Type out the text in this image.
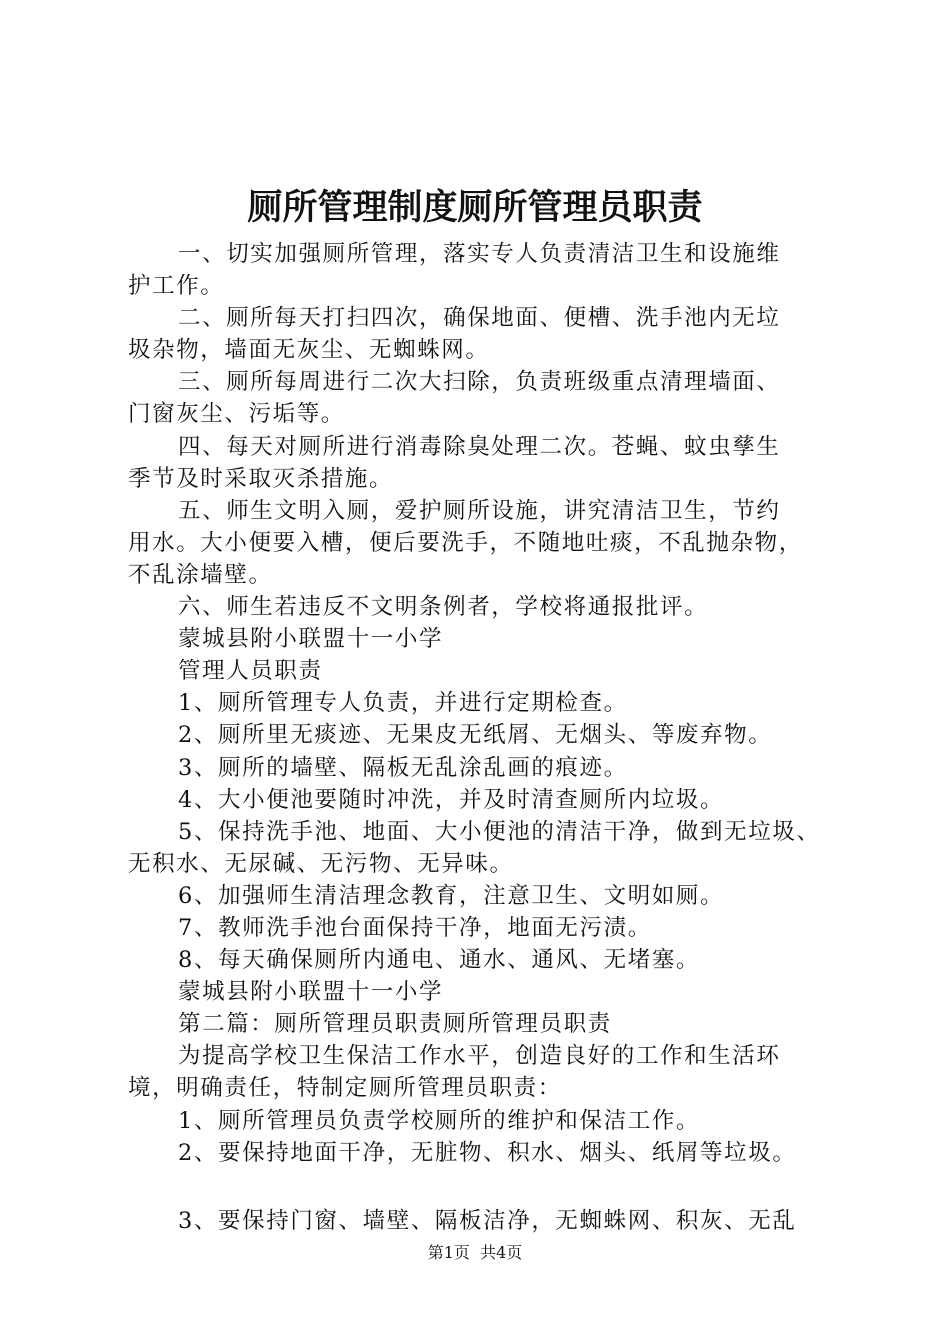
厕所管理制度厕所管理员职责
一、切实加强厕所管理，落实专人负责清洁卫生和设施维
护工作。
二、厕所每天打扫四次，确保地面、便槽、洗手池内无垃
圾杂物，墙面无灰尘、无蜘蛛网。
三、厕所每周进行二次大扫除，负责班级重点清理墙面、
门窗灰尘、污垢等。
四、每天对厕所进行消毒除臭处理二次。苍蝇、蚊虫孳生
季节及时采取灭杀措施。
五、师生文明入厕，爱护厕所设施，讲究清洁卫生，节约
用水。大小便要入槽，便后要洗手，不随地吐痰，不乱抛杂物，
不乱涂墙壁。
六、师生若违反不文明条例者，学校将通报批评。
蒙城县附小联盟十一小学
管理人员职责
1、厕所管理专人负责，并进行定期检查。
2、厕所里无痰迹、无果皮无纸屑、无烟头、等废弃物。
3、厕所的墙壁、隔板无乱涂乱画的痕迹。
4、大小便池要随时冲洗，并及时清查厕所内垃圾。
5、保持洗手池、地面、大小便池的清洁干净，做到无垃圾、
无积水、无尿碱、无污物、无异味。
6、加强师生清洁理念教育，注意卫生、文明如厕。
7、教师洗手池台面保持干净，地面无污渍。
8、每天确保厕所内通电、通水、通风、无堵塞。
蒙城县附小联盟十一小学
第二篇：厕所管理员职责厕所管理员职责
为提高学校卫生保洁工作水平，创造良好的工作和生活环
境，明确责任，特制定厕所管理员职责：
1、厕所管理员负责学校厕所的维护和保洁工作。
2、要保持地面干净，无脏物、积水、烟头、纸屑等垃圾。
3、要保持门窗、墙壁、隔板洁净，无蜘蛛网、积灰、无乱
第1页  共4页
